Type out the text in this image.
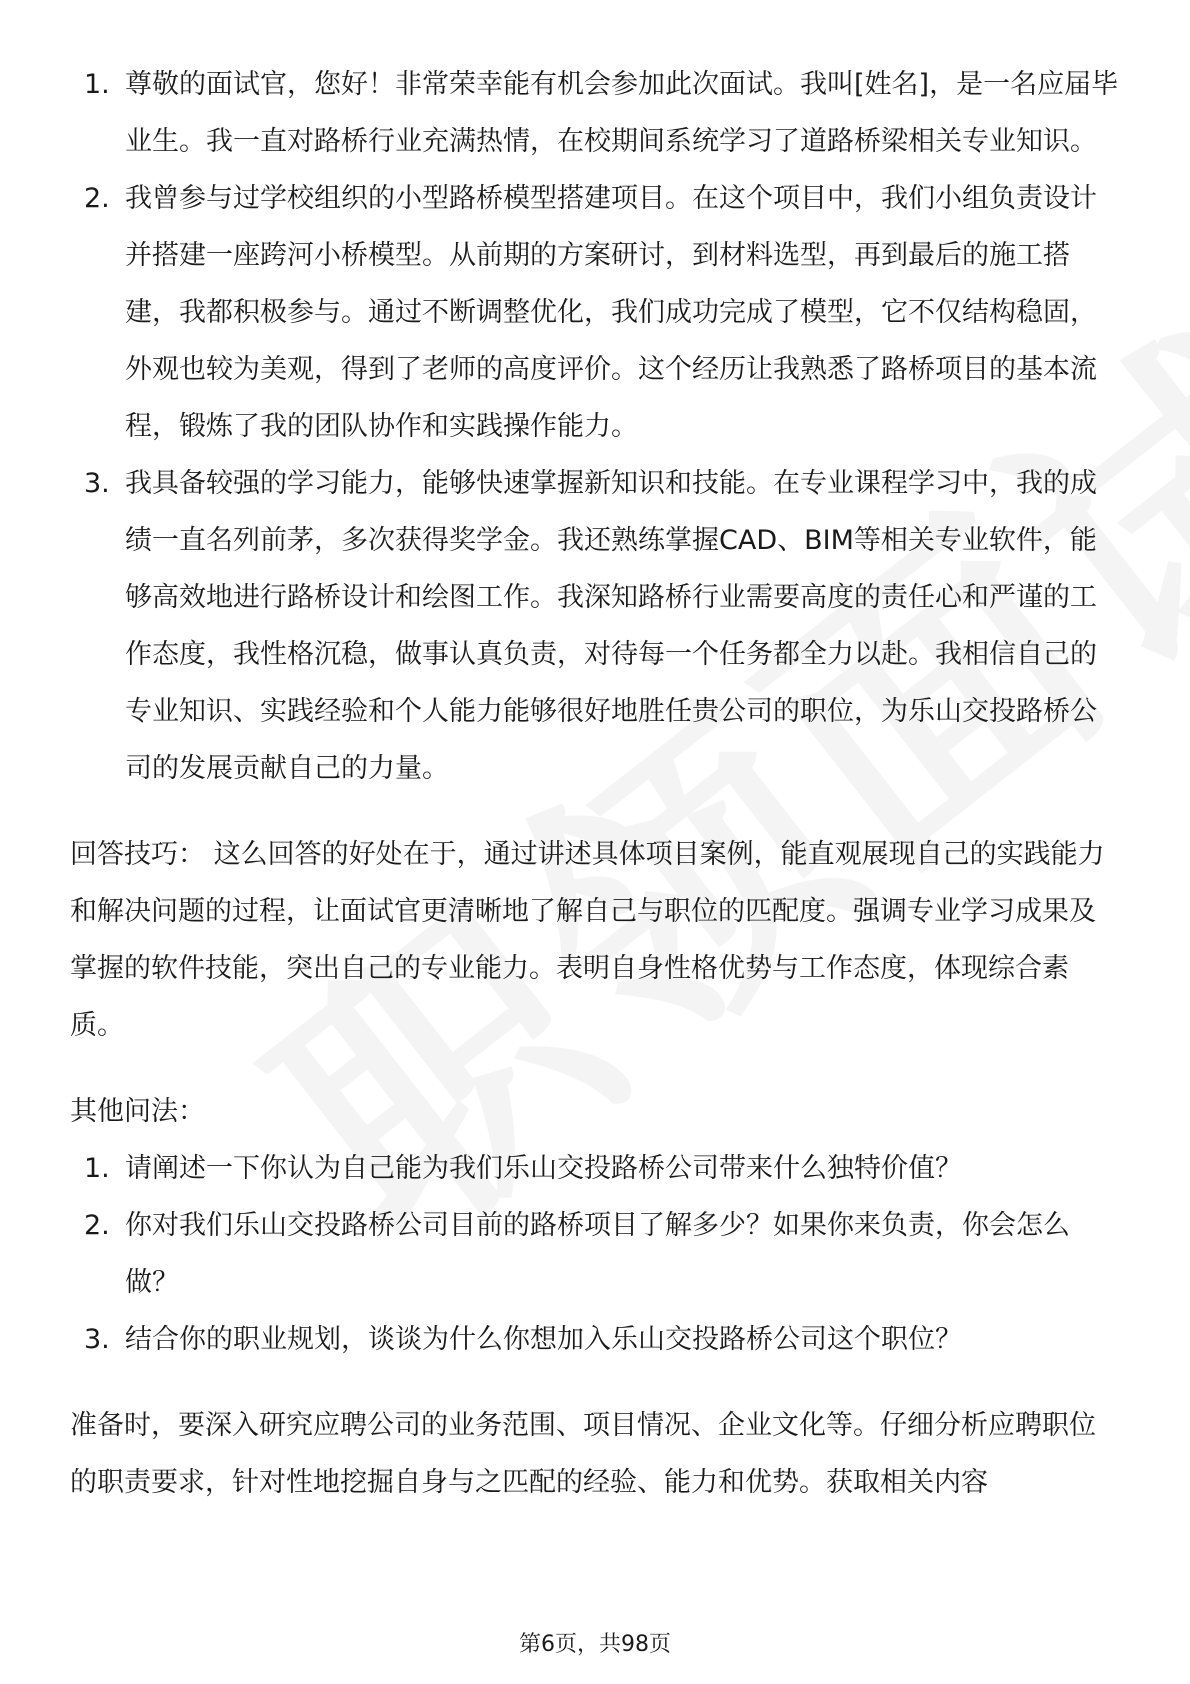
1. 尊敬的面试官，您好！非常荣幸能有机会参加此次面试。我叫[姓名]，是一名应届毕业生。我一直对路桥行业充满热情，在校期间系统学习了道路桥梁相关专业知识。
2. 我曾参与过学校组织的小型路桥模型搭建项目。在这个项目中，我们小组负责设计并搭建一座跨河小桥模型。从前期的方案研讨，到材料选型，再到最后的施工搭建，我都积极参与。通过不断调整优化，我们成功完成了模型，它不仅结构稳固，外观也较为美观，得到了老师的高度评价。这个经历让我熟悉了路桥项目的基本流程，锻炼了我的团队协作和实践操作能力。
3. 我具备较强的学习能力，能够快速掌握新知识和技能。在专业课程学习中，我的成绩一直名列前茅，多次获得奖学金。我还熟练掌握CAD、BIM等相关专业软件，能够高效地进行路桥设计和绘图工作。我深知路桥行业需要高度的责任心和严谨的工作态度，我性格沉稳，做事认真负责，对待每一个任务都全力以赴。我相信自己的专业知识、实践经验和个人能力能够很好地胜任贵公司的职位，为乐山交投路桥公司的发展贡献自己的力量。

回答技巧： 这么回答的好处在于，通过讲述具体项目案例，能直观展现自己的实践能力和解决问题的过程，让面试官更清晰地了解自己与职位的匹配度。强调专业学习成果及掌握的软件技能，突出自己的专业能力。表明自身性格优势与工作态度，体现综合素质。

其他问法：

1. 请阐述一下你认为自己能为我们乐山交投路桥公司带来什么独特价值？
2. 你对我们乐山交投路桥公司目前的路桥项目了解多少？如果你来负责，你会怎么做？
3. 结合你的职业规划，谈谈为什么你想加入乐山交投路桥公司这个职位？

准备时，要深入研究应聘公司的业务范围、项目情况、企业文化等。仔细分析应聘职位的职责要求，针对性地挖掘自身与之匹配的经验、能力和优势。获取相关内容

第6页，共98页
